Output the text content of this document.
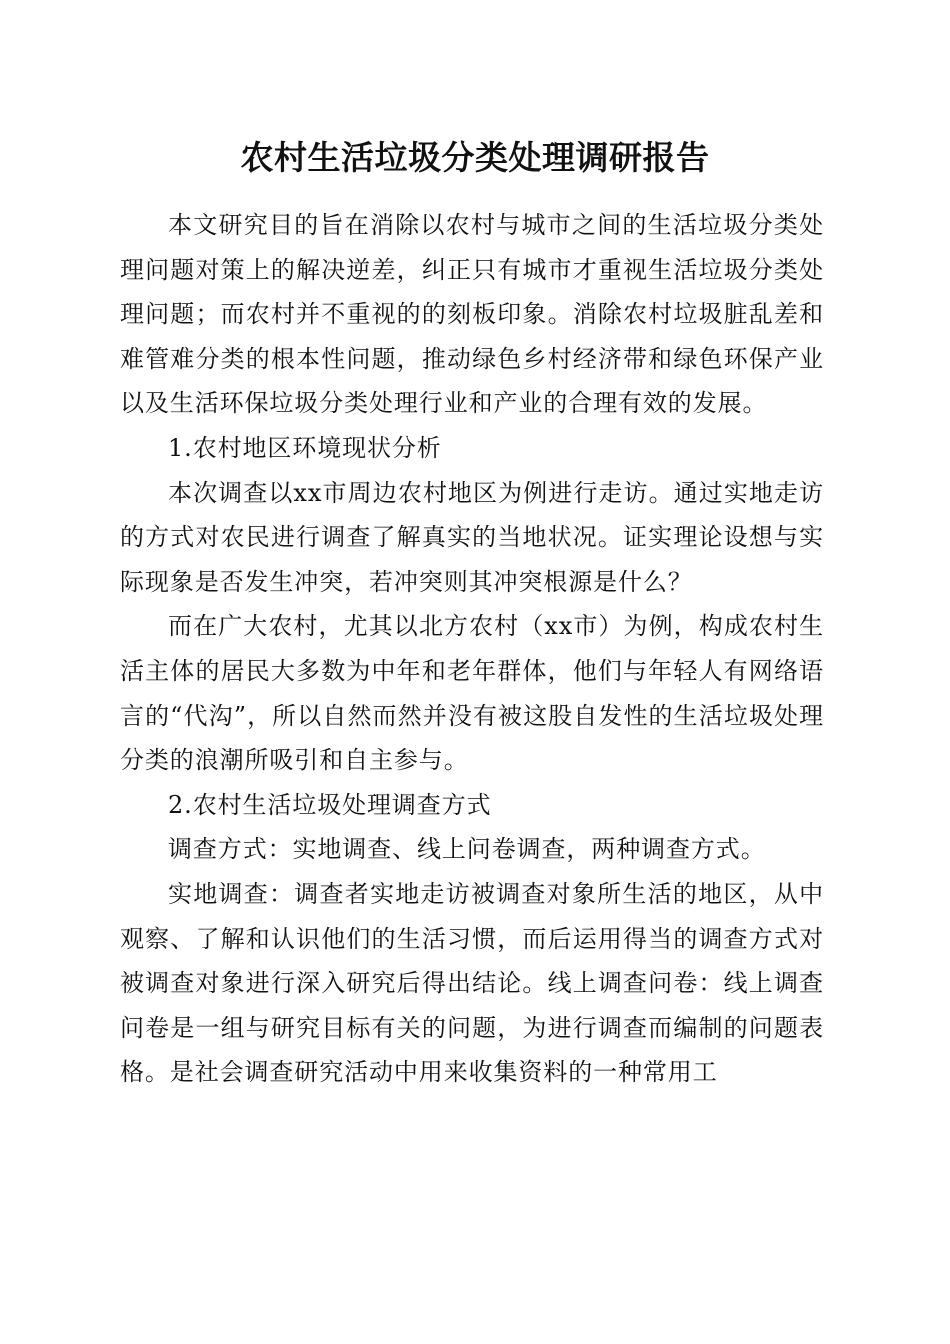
农村生活垃圾分类处理调研报告

本文研究目的旨在消除以农村与城市之间的生活垃圾分类处理问题对策上的解决逆差，纠正只有城市才重视生活垃圾分类处理问题；而农村并不重视的的刻板印象。消除农村垃圾脏乱差和难管难分类的根本性问题，推动绿色乡村经济带和绿色环保产业以及生活环保垃圾分类处理行业和产业的合理有效的发展。

1.农村地区环境现状分析

本次调查以xx市周边农村地区为例进行走访。通过实地走访的方式对农民进行调查了解真实的当地状况。证实理论设想与实际现象是否发生冲突，若冲突则其冲突根源是什么？

而在广大农村，尤其以北方农村（xx市）为例，构成农村生活主体的居民大多数为中年和老年群体，他们与年轻人有网络语言的“代沟”，所以自然而然并没有被这股自发性的生活垃圾处理分类的浪潮所吸引和自主参与。

2.农村生活垃圾处理调查方式

调查方式：实地调查、线上问卷调查，两种调查方式。

实地调查：调查者实地走访被调查对象所生活的地区，从中观察、了解和认识他们的生活习惯，而后运用得当的调查方式对被调查对象进行深入研究后得出结论。线上调查问卷：线上调查问卷是一组与研究目标有关的问题，为进行调查而编制的问题表格。是社会调查研究活动中用来收集资料的一种常用工
